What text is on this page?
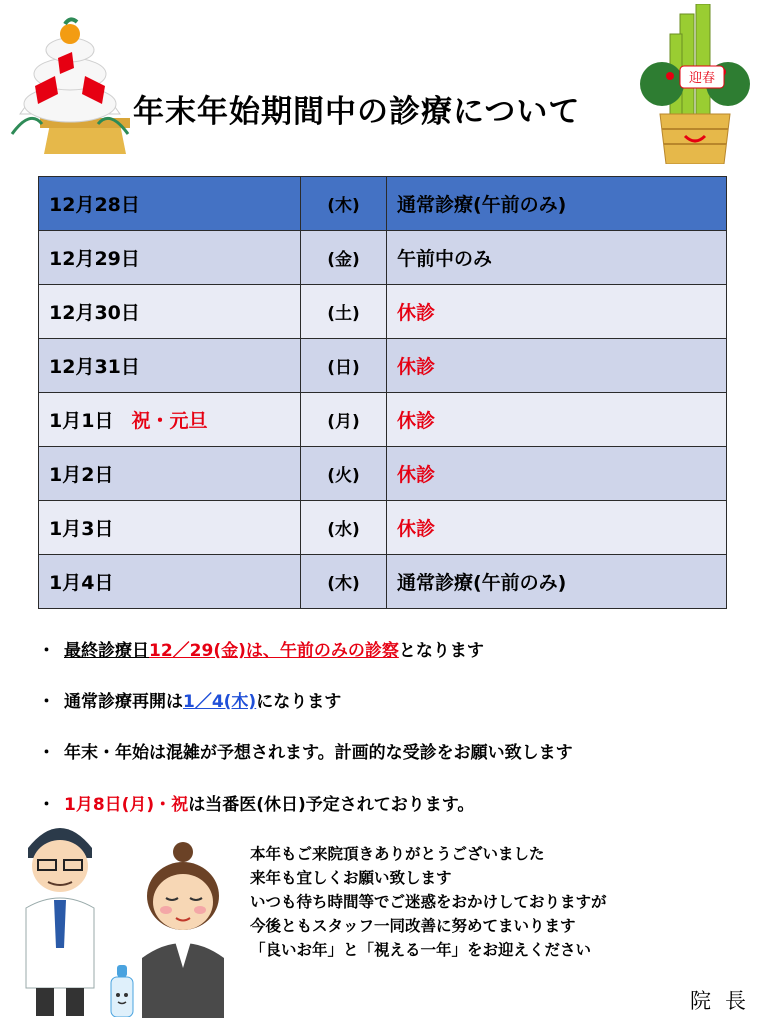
迎春
年末年始期間中の診療について
12月28日	(木)	通常診療(午前のみ)
12月29日	(金)	午前中のみ
12月30日	(土)	休診
12月31日	(日)	休診
1月1日 祝・元旦	(月)	休診
1月2日	(火)	休診
1月3日	(水)	休診
1月4日	(木)	通常診療(午前のみ)
・ 最終診療日12／29(金)は、午前のみの診察となります
・ 通常診療再開は1／4(木)になります
・ 年末・年始は混雑が予想されます。計画的な受診をお願い致します
・ 1月8日(月)・祝は当番医(休日)予定されております。
本年もご来院頂きありがとうございました
来年も宜しくお願い致します
いつも待ち時間等でご迷惑をおかけしておりますが
今後ともスタッフ一同改善に努めてまいります
「良いお年」と「視える一年」をお迎えください
院長
